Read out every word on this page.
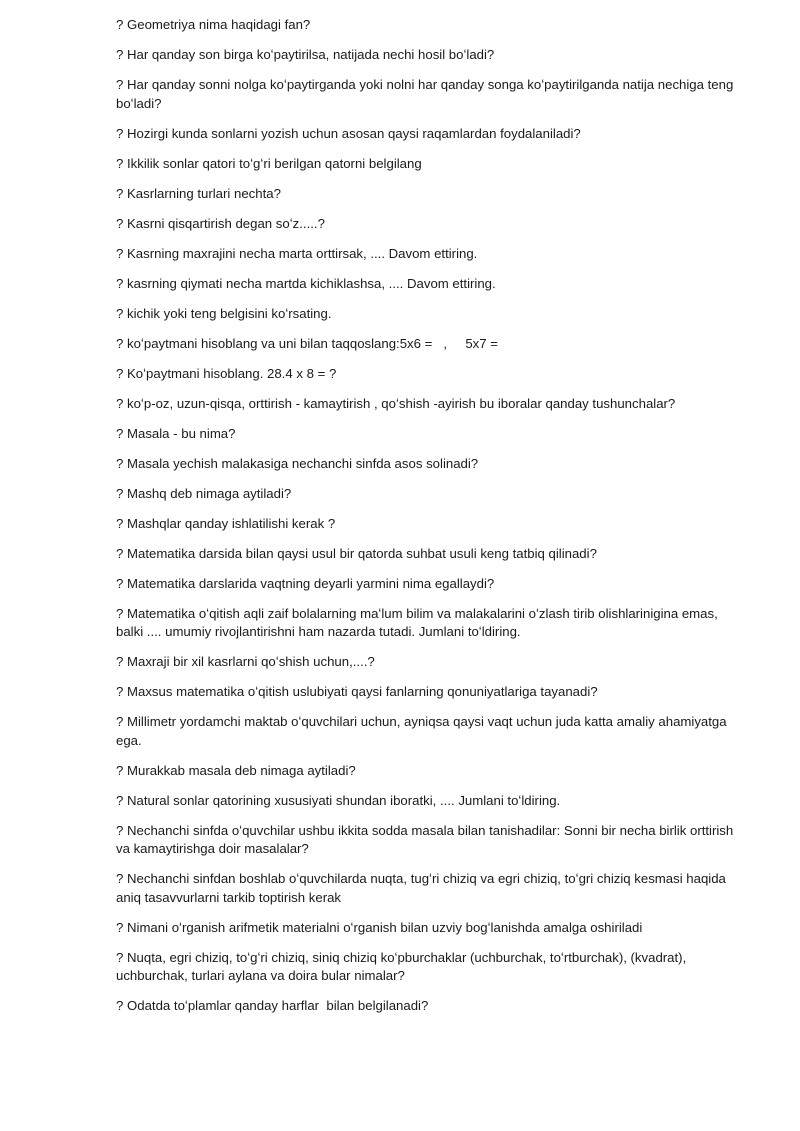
? Geometriya nima haqidagi fan?

? Har qanday son birga koʻpaytirilsa, natijada nechi hosil boʻladi?

? Har qanday sonni nolga koʻpaytirganda yoki nolni har qanday songa koʻpaytirilganda natija nechiga teng boʻladi?

? Hozirgi kunda sonlarni yozish uchun asosan qaysi raqamlardan foydalaniladi?

? Ikkilik sonlar qatori toʻgʻri berilgan qatorni belgilang

? Kasrlarning turlari nechta?

? Kasrni qisqartirish degan soʻz.....?

? Kasrning maxrajini necha marta orttirsak, .... Davom ettiring.

? kasrning qiymati necha martda kichiklashsa, .... Davom ettiring.

? kichik yoki teng belgisini koʻrsating.

? koʻpaytmani hisoblang va uni bilan taqqoslang:5x6 =   ,     5x7 =

? Koʻpaytmani hisoblang. 28.4 x 8 = ?

? koʻp-oz, uzun-qisqa, orttirish - kamaytirish , qoʻshish -ayirish bu iboralar qanday tushunchalar?

? Masala - bu nima?

? Masala yechish malakasiga nechanchi sinfda asos solinadi?

? Mashq deb nimaga aytiladi?

? Mashqlar qanday ishlatilishi kerak ?

? Matematika darsida bilan qaysi usul bir qatorda suhbat usuli keng tatbiq qilinadi?

? Matematika darslarida vaqtning deyarli yarmini nima egallaydi?

? Matematika oʻqitish aqli zaif bolalarning maʻlum bilim va malakalarini oʻzlash tirib olishlarinigina emas, balki .... umumiy rivojlantirishni ham nazarda tutadi. Jumlani toʻldiring.

? Maxraji bir xil kasrlarni qoʻshish uchun,....?

? Maxsus matematika oʻqitish uslubiyati qaysi fanlarning qonuniyatlariga tayanadi?

? Millimetr yordamchi maktab oʻquvchilari uchun, ayniqsa qaysi vaqt uchun juda katta amaliy ahamiyatga ega.

? Murakkab masala deb nimaga aytiladi?

? Natural sonlar qatorining xususiyati shundan iboratki, .... Jumlani toʻldiring.

? Nechanchi sinfda oʻquvchilar ushbu ikkita sodda masala bilan tanishadilar: Sonni bir necha birlik orttirish va kamaytirishga doir masalalar?

? Nechanchi sinfdan boshlab oʻquvchilarda nuqta, tugʻri chiziq va egri chiziq, toʻgri chiziq kesmasi haqida aniq tasavvurlarni tarkib toptirish kerak

? Nimani oʻrganish arifmetik materialni oʻrganish bilan uzviy bogʻlanishda amalga oshiriladi

? Nuqta, egri chiziq, toʻgʻri chiziq, siniq chiziq koʻpburchaklar (uchburchak, toʻrtburchak), (kvadrat), uchburchak, turlari aylana va doira bular nimalar?

? Odatda toʻplamlar qanday harflar  bilan belgilanadi?
